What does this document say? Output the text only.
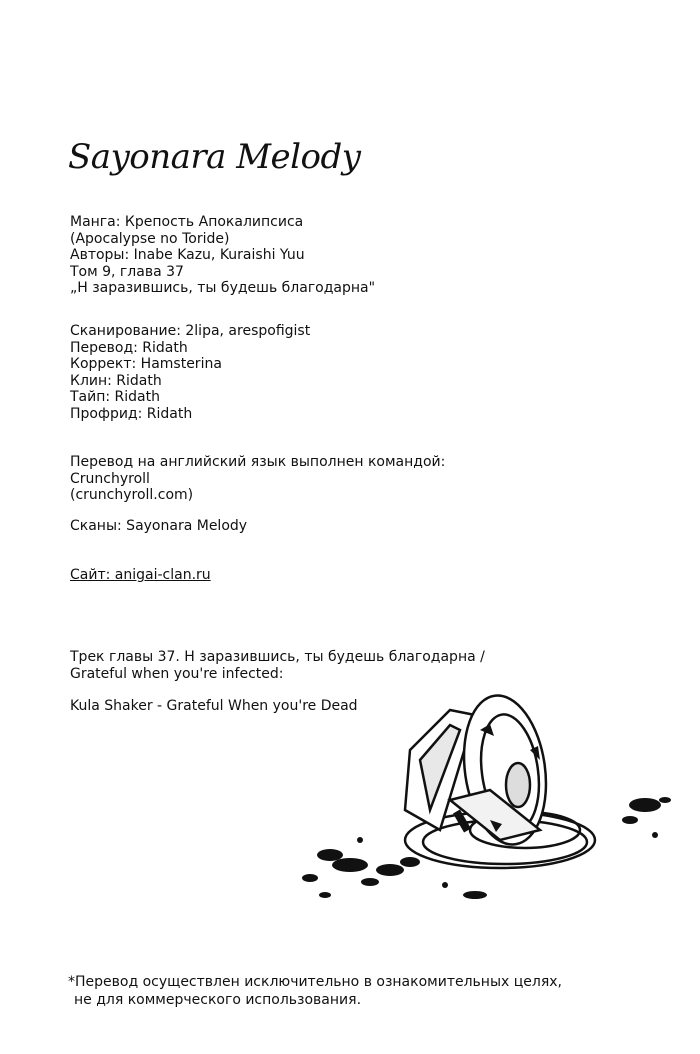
Sayonara Melody
Манга: Крепость Апокалипсиса
(Apocalypse no Toride)
Авторы: Inabe Kazu, Kuraishi Yuu
Том 9, глава 37
„Н заразившись, ты будешь благодарна"
Сканирование: 2lipa, arespofigist
Перевод: Ridath
Коррект: Hamsterina
Клин: Ridath
Тайп: Ridath
Профрид: Ridath
Перевод на английский язык выполнен командой:
Crunchyroll
(crunchyroll.com)
Сканы: Sayonara Melody
Сайт: anigai-clan.ru
Трек главы 37. Н заразившись, ты будешь благодарна /
Grateful when you're infected:
Kula Shaker - Grateful When you're Dead
*Перевод осуществлен исключительно в ознакомительных целях,
не для коммерческого использования.
